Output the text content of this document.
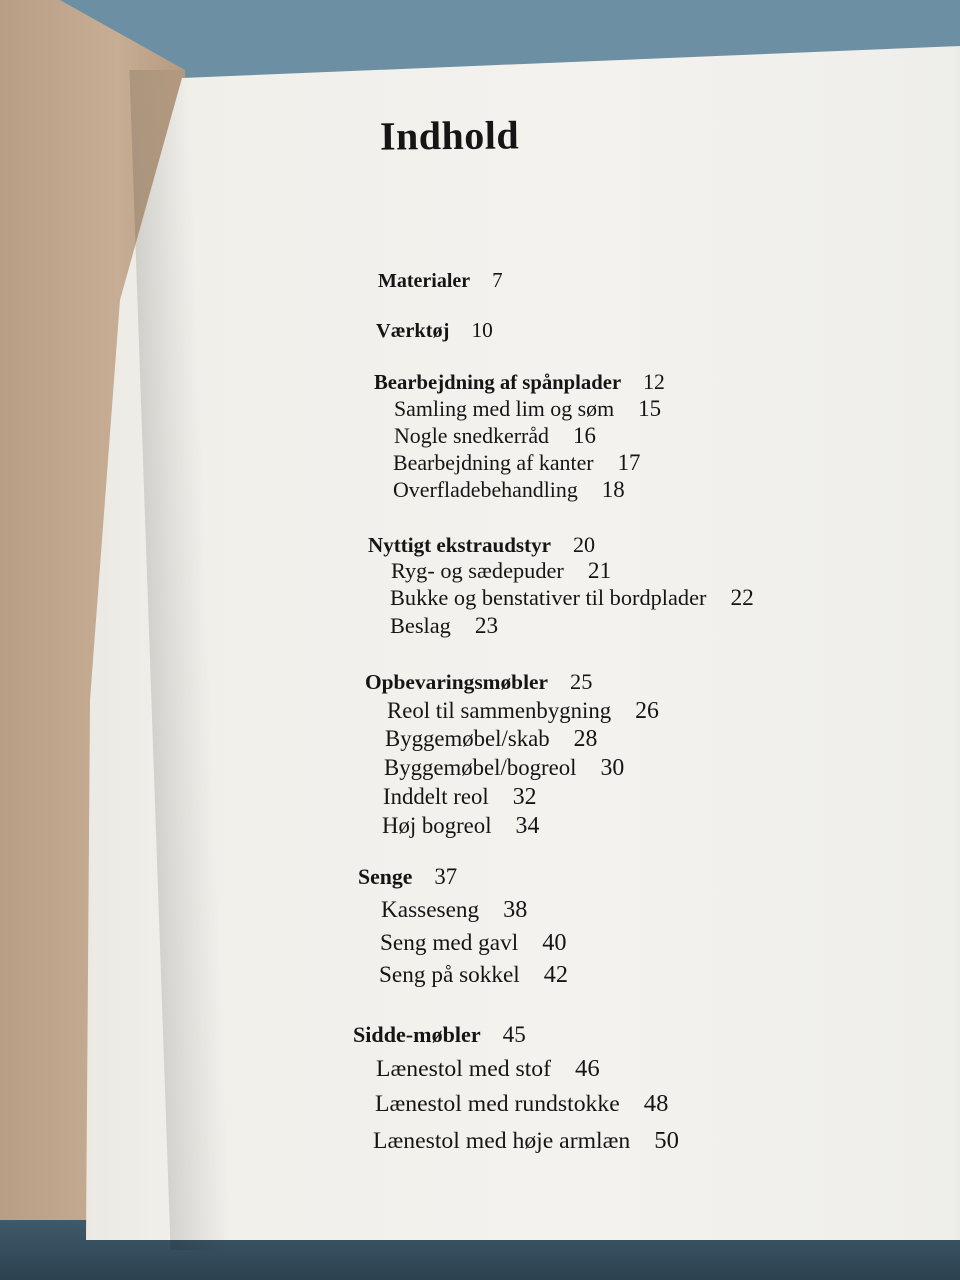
Indhold
Materialer 7
Værktøj 10
Bearbejdning af spånplader 12
Samling med lim og søm 15
Nogle snedkerråd 16
Bearbejdning af kanter 17
Overfladebehandling 18
Nyttigt ekstraudstyr 20
Ryg- og sædepuder 21
Bukke og benstativer til bordplader 22
Beslag 23
Opbevaringsmøbler 25
Reol til sammenbygning 26
Byggemøbel/skab 28
Byggemøbel/bogreol 30
Inddelt reol 32
Høj bogreol 34
Senge 37
Kasseseng 38
Seng med gavl 40
Seng på sokkel 42
Sidde-møbler 45
Lænestol med stof 46
Lænestol med rundstokke 48
Lænestol med høje armlæn 50
